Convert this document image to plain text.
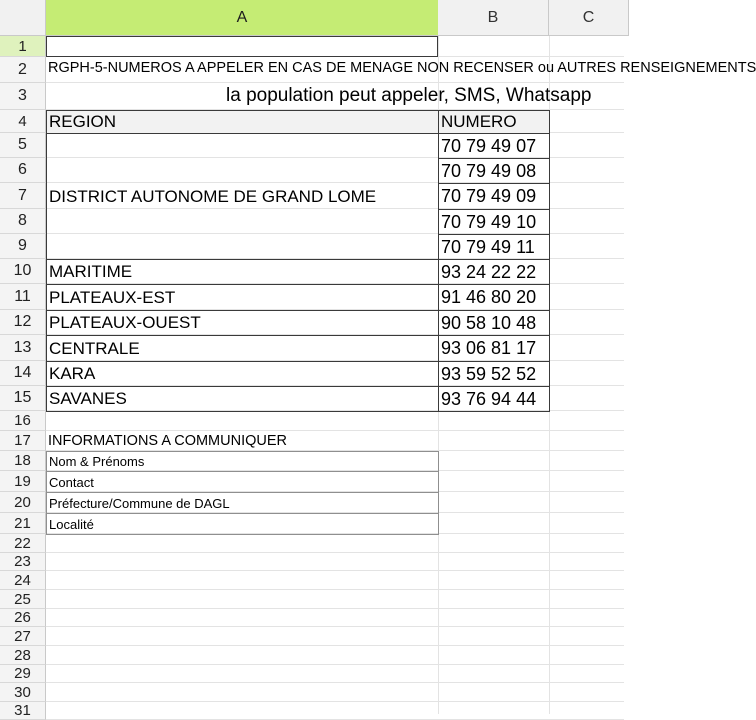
A	B	C
1
2
3
4
5
6
7
8
9
10
11
12
13
14
15
16
17
18
19
20
21
22
23
24
25
26
27
28
29
30
31
RGPH-5-NUMEROS A APPELER EN CAS DE MENAGE NON RECENSER ou AUTRES RENSEIGNEMENTS
la population peut appeler, SMS, Whatsapp
REGION	NUMERO
DISTRICT AUTONOME DE GRAND LOME
70 79 49 07
70 79 49 08
70 79 49 09
70 79 49 10
70 79 49 11
MARITIME	93 24 22 22
PLATEAUX-EST	91 46 80 20
PLATEAUX-OUEST	90 58 10 48
CENTRALE	93 06 81 17
KARA	93 59 52 52
SAVANES	93 76 94 44
INFORMATIONS A COMMUNIQUER
Nom & Prénoms
Contact
Préfecture/Commune de DAGL
Localité
